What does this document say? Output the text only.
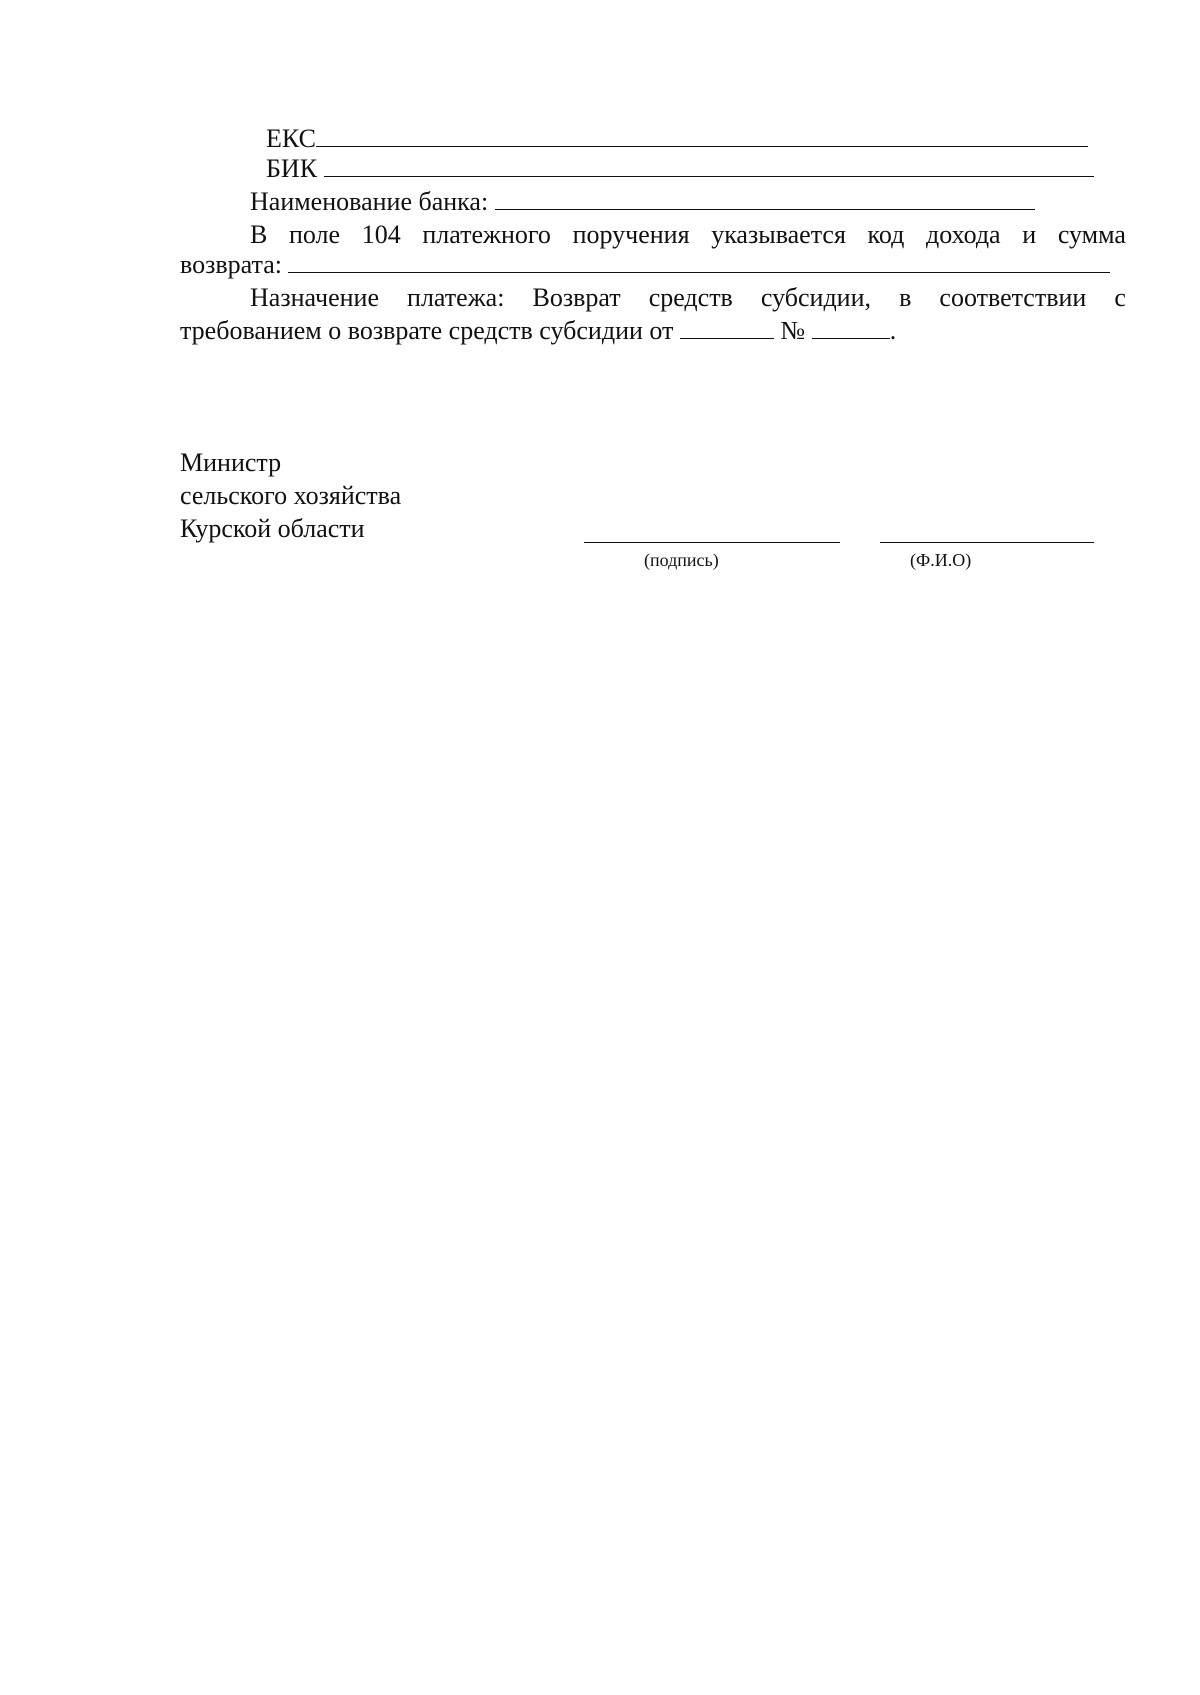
ЕКС
БИК
Наименование банка:
В поле 104 платежного поручения указывается код дохода и сумма
возврата:
Назначение платежа: Возврат средств субсидии, в соответствии с
требованием о возврате средств субсидии от	№	.
Министр
сельского хозяйства
Курской области
(подпись)	(Ф.И.О)
